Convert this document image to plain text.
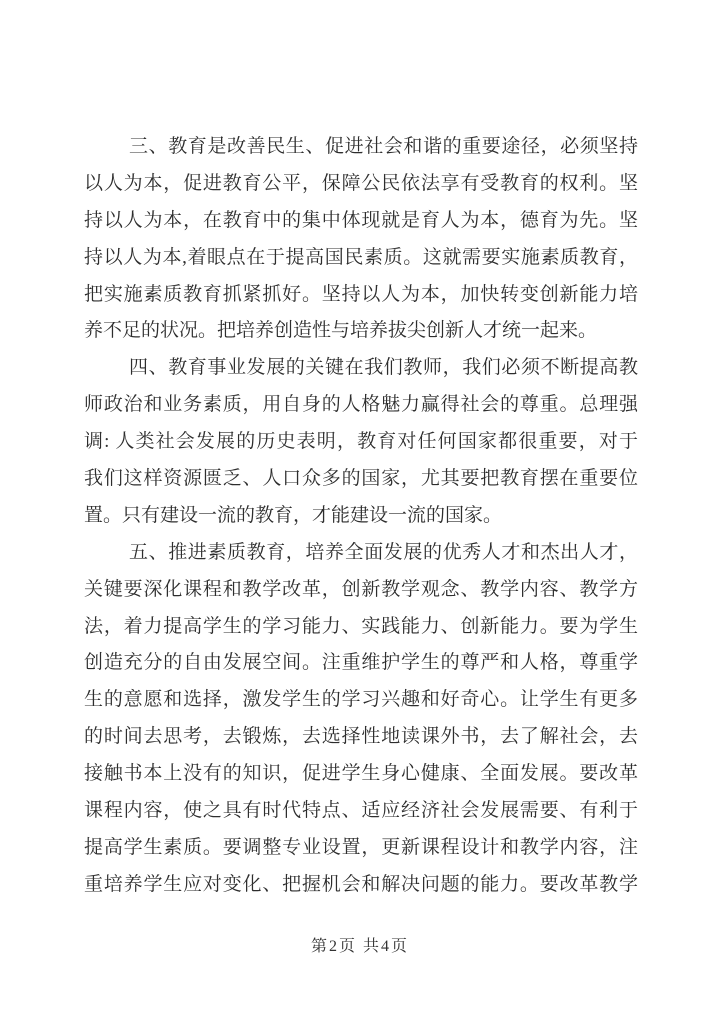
三、教育是改善民生、促进社会和谐的重要途径，必须坚持
以人为本，促进教育公平，保障公民依法享有受教育的权利。坚
持以人为本，在教育中的集中体现就是育人为本，德育为先。坚
持以人为本,着眼点在于提高国民素质。这就需要实施素质教育，
把实施素质教育抓紧抓好。坚持以人为本，加快转变创新能力培
养不足的状况。把培养创造性与培养拔尖创新人才统一起来。
四、教育事业发展的关键在我们教师，我们必须不断提高教
师政治和业务素质，用自身的人格魅力赢得社会的尊重。总理强
调: 人类社会发展的历史表明，教育对任何国家都很重要，对于
我们这样资源匮乏、人口众多的国家，尤其要把教育摆在重要位
置。只有建设一流的教育，才能建设一流的国家。
五、推进素质教育，培养全面发展的优秀人才和杰出人才，
关键要深化课程和教学改革，创新教学观念、教学内容、教学方
法，着力提高学生的学习能力、实践能力、创新能力。要为学生
创造充分的自由发展空间。注重维护学生的尊严和人格，尊重学
生的意愿和选择，激发学生的学习兴趣和好奇心。让学生有更多
的时间去思考，去锻炼，去选择性地读课外书，去了解社会，去
接触书本上没有的知识，促进学生身心健康、全面发展。要改革
课程内容，使之具有时代特点、适应经济社会发展需要、有利于
提高学生素质。要调整专业设置，更新课程设计和教学内容，注
重培养学生应对变化、把握机会和解决问题的能力。要改革教学
第2页 共4页
